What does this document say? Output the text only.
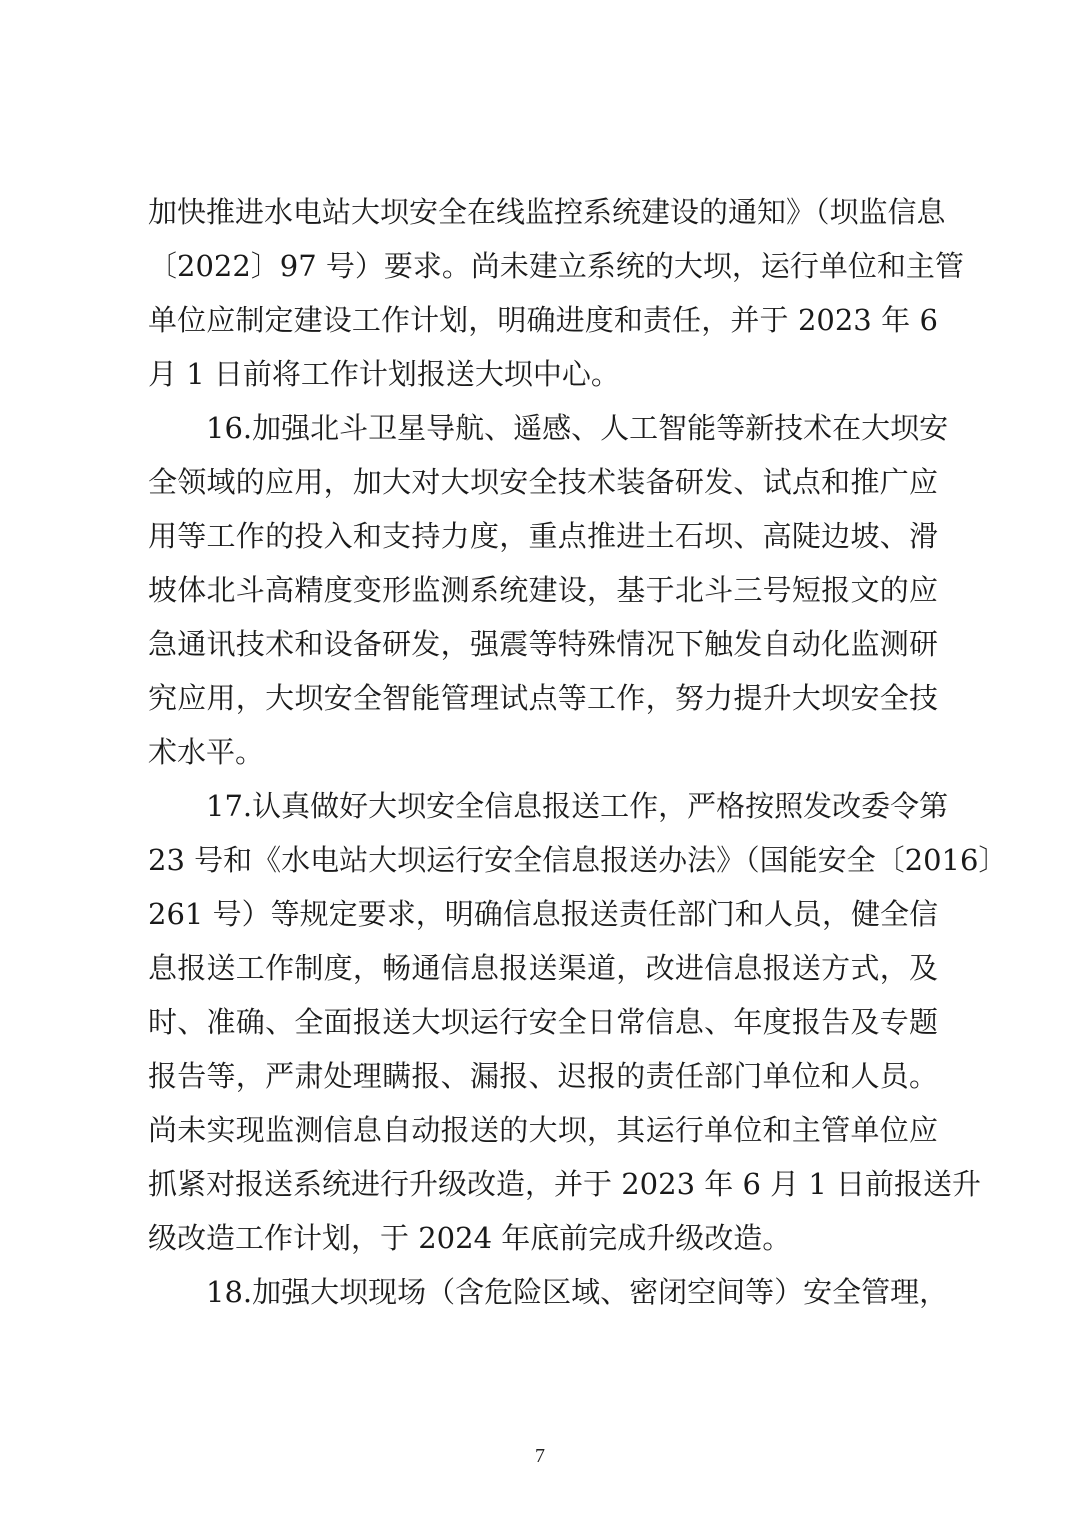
加快推进水电站大坝安全在线监控系统建设的通知》（坝监信息
〔2022〕97 号）要求。尚未建立系统的大坝，运行单位和主管
单位应制定建设工作计划，明确进度和责任，并于 2023 年 6
月 1 日前将工作计划报送大坝中心。
16.加强北斗卫星导航、遥感、人工智能等新技术在大坝安
全领域的应用，加大对大坝安全技术装备研发、试点和推广应
用等工作的投入和支持力度，重点推进土石坝、高陡边坡、滑
坡体北斗高精度变形监测系统建设，基于北斗三号短报文的应
急通讯技术和设备研发，强震等特殊情况下触发自动化监测研
究应用，大坝安全智能管理试点等工作，努力提升大坝安全技
术水平。
17.认真做好大坝安全信息报送工作，严格按照发改委令第
23 号和《水电站大坝运行安全信息报送办法》（国能安全〔2016〕
261 号）等规定要求，明确信息报送责任部门和人员，健全信
息报送工作制度，畅通信息报送渠道，改进信息报送方式，及
时、准确、全面报送大坝运行安全日常信息、年度报告及专题
报告等，严肃处理瞒报、漏报、迟报的责任部门单位和人员。
尚未实现监测信息自动报送的大坝，其运行单位和主管单位应
抓紧对报送系统进行升级改造，并于 2023 年 6 月 1 日前报送升
级改造工作计划，于 2024 年底前完成升级改造。
18.加强大坝现场（含危险区域、密闭空间等）安全管理，
7
